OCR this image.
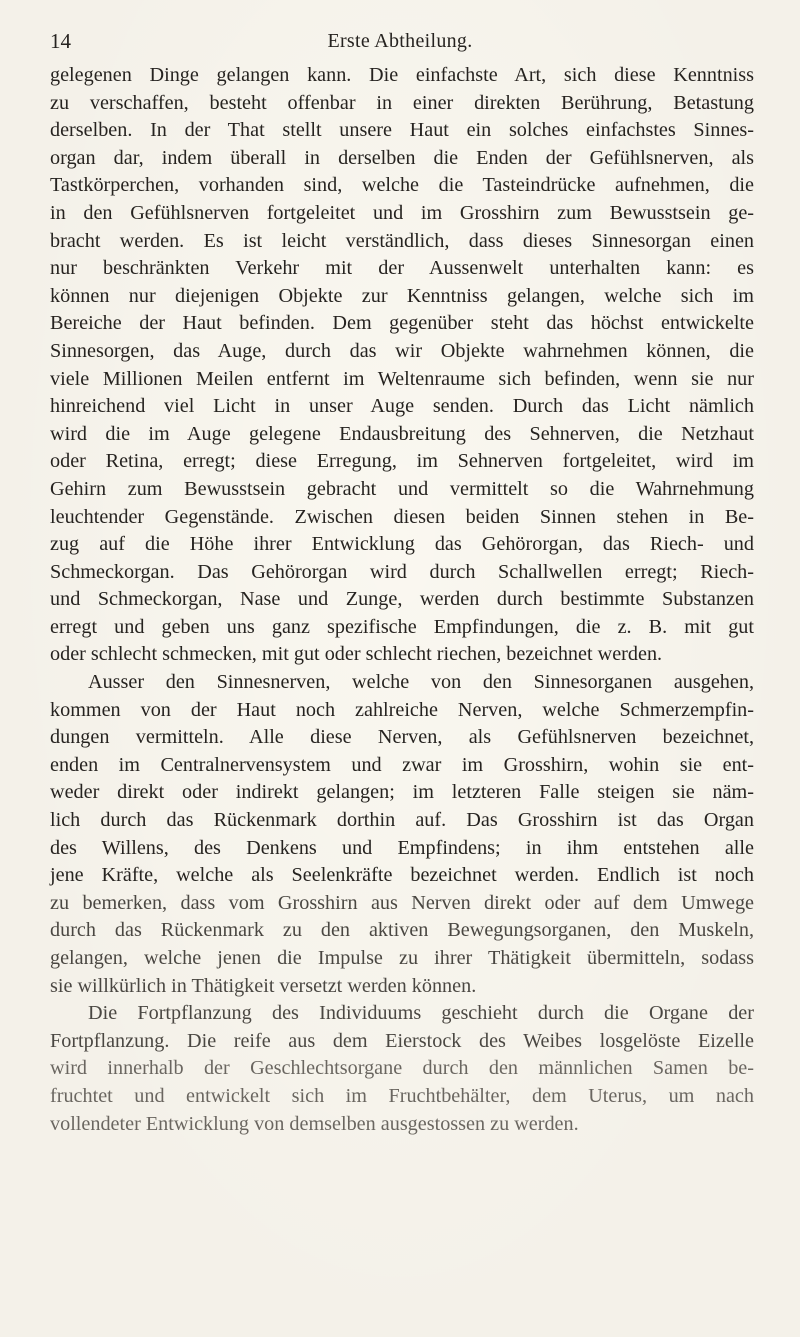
14	Erste Abtheilung.
gelegenen Dinge gelangen kann. Die einfachste Art, sich diese Kenntniss
zu verschaffen, besteht offenbar in einer direkten Berührung, Betastung
derselben. In der That stellt unsere Haut ein solches einfachstes Sinnes-
organ dar, indem überall in derselben die Enden der Gefühlsnerven, als
Tastkörperchen, vorhanden sind, welche die Tasteindrücke aufnehmen, die
in den Gefühlsnerven fortgeleitet und im Grosshirn zum Bewusstsein ge-
bracht werden. Es ist leicht verständlich, dass dieses Sinnesorgan einen
nur beschränkten Verkehr mit der Aussenwelt unterhalten kann: es
können nur diejenigen Objekte zur Kenntniss gelangen, welche sich im
Bereiche der Haut befinden. Dem gegenüber steht das höchst entwickelte
Sinnesorgen, das Auge, durch das wir Objekte wahrnehmen können, die
viele Millionen Meilen entfernt im Weltenraume sich befinden, wenn sie nur
hinreichend viel Licht in unser Auge senden. Durch das Licht nämlich
wird die im Auge gelegene Endausbreitung des Sehnerven, die Netzhaut
oder Retina, erregt; diese Erregung, im Sehnerven fortgeleitet, wird im
Gehirn zum Bewusstsein gebracht und vermittelt so die Wahrnehmung
leuchtender Gegenstände. Zwischen diesen beiden Sinnen stehen in Be-
zug auf die Höhe ihrer Entwicklung das Gehörorgan, das Riech- und
Schmeckorgan. Das Gehörorgan wird durch Schallwellen erregt; Riech-
und Schmeckorgan, Nase und Zunge, werden durch bestimmte Substanzen
erregt und geben uns ganz spezifische Empfindungen, die z. B. mit gut
oder schlecht schmecken, mit gut oder schlecht riechen, bezeichnet werden.
Ausser den Sinnesnerven, welche von den Sinnesorganen ausgehen,
kommen von der Haut noch zahlreiche Nerven, welche Schmerzempfin-
dungen vermitteln. Alle diese Nerven, als Gefühlsnerven bezeichnet,
enden im Centralnervensystem und zwar im Grosshirn, wohin sie ent-
weder direkt oder indirekt gelangen; im letzteren Falle steigen sie näm-
lich durch das Rückenmark dorthin auf. Das Grosshirn ist das Organ
des Willens, des Denkens und Empfindens; in ihm entstehen alle
jene Kräfte, welche als Seelenkräfte bezeichnet werden. Endlich ist noch
zu bemerken, dass vom Grosshirn aus Nerven direkt oder auf dem Umwege
durch das Rückenmark zu den aktiven Bewegungsorganen, den Muskeln,
gelangen, welche jenen die Impulse zu ihrer Thätigkeit übermitteln, sodass
sie willkürlich in Thätigkeit versetzt werden können.
Die Fortpflanzung des Individuums geschieht durch die Organe der
Fortpflanzung. Die reife aus dem Eierstock des Weibes losgelöste Eizelle
wird innerhalb der Geschlechtsorgane durch den männlichen Samen be-
fruchtet und entwickelt sich im Fruchtbehälter, dem Uterus, um nach
vollendeter Entwicklung von demselben ausgestossen zu werden.
